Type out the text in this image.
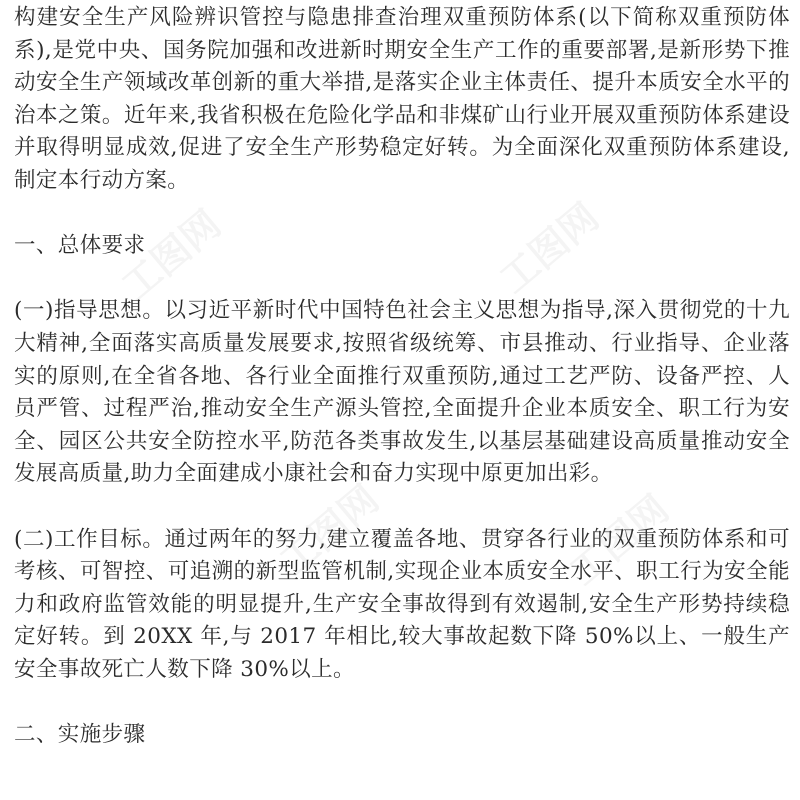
构建安全生产风险辨识管控与隐患排查治理双重预防体系(以下简称双重预防体系),是党中央、国务院加强和改进新时期安全生产工作的重要部署,是新形势下推动安全生产领域改革创新的重大举措,是落实企业主体责任、提升本质安全水平的治本之策。近年来,我省积极在危险化学品和非煤矿山行业开展双重预防体系建设并取得明显成效,促进了安全生产形势稳定好转。为全面深化双重预防体系建设,制定本行动方案。

一、总体要求

(一)指导思想。以习近平新时代中国特色社会主义思想为指导,深入贯彻党的十九大精神,全面落实高质量发展要求,按照省级统筹、市县推动、行业指导、企业落实的原则,在全省各地、各行业全面推行双重预防,通过工艺严防、设备严控、人员严管、过程严治,推动安全生产源头管控,全面提升企业本质安全、职工行为安全、园区公共安全防控水平,防范各类事故发生,以基层基础建设高质量推动安全发展高质量,助力全面建成小康社会和奋力实现中原更加出彩。

(二)工作目标。通过两年的努力,建立覆盖各地、贯穿各行业的双重预防体系和可考核、可智控、可追溯的新型监管机制,实现企业本质安全水平、职工行为安全能力和政府监管效能的明显提升,生产安全事故得到有效遏制,安全生产形势持续稳定好转。到 20XX 年,与 2017 年相比,较大事故起数下降 50%以上、一般生产安全事故死亡人数下降 30%以上。

二、实施步骤

工图网	工图网
工图网	工图网
